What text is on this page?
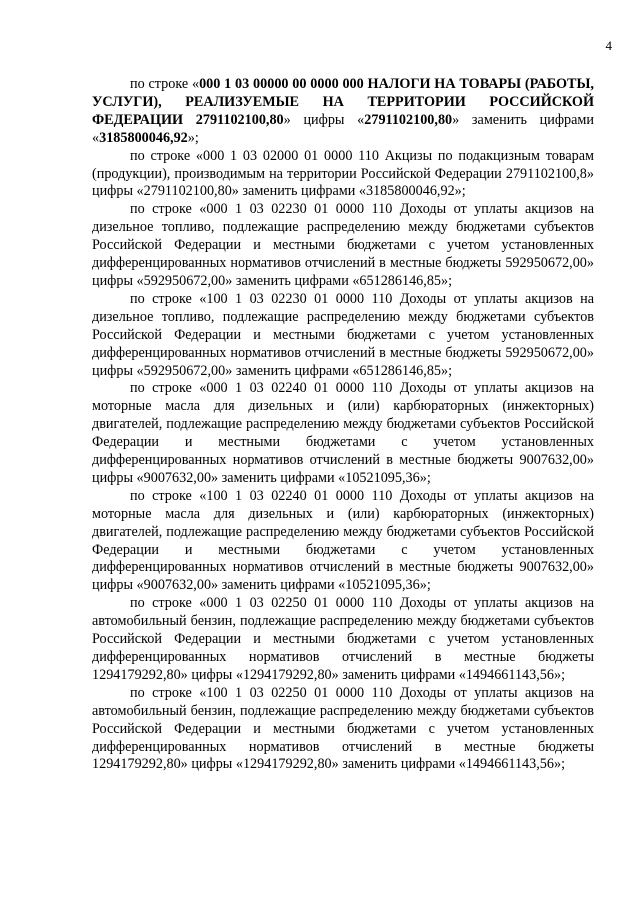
4

по строке «000 1 03 00000 00 0000 000 НАЛОГИ НА ТОВАРЫ (РАБОТЫ, УСЛУГИ), РЕАЛИЗУЕМЫЕ НА ТЕРРИТОРИИ РОССИЙСКОЙ ФЕДЕРАЦИИ 2791102100,80» цифры «2791102100,80» заменить цифрами «3185800046,92»;

по строке «000 1 03 02000 01 0000 110 Акцизы по подакцизным товарам (продукции), производимым на территории Российской Федерации 2791102100,8» цифры «2791102100,80» заменить цифрами «3185800046,92»;

по строке «000 1 03 02230 01 0000 110 Доходы от уплаты акцизов на дизельное топливо, подлежащие распределению между бюджетами субъектов Российской Федерации и местными бюджетами с учетом установленных дифференцированных нормативов отчислений в местные бюджеты 592950672,00» цифры «592950672,00» заменить цифрами «651286146,85»;

по строке «100 1 03 02230 01 0000 110 Доходы от уплаты акцизов на дизельное топливо, подлежащие распределению между бюджетами субъектов Российской Федерации и местными бюджетами с учетом установленных дифференцированных нормативов отчислений в местные бюджеты 592950672,00» цифры «592950672,00» заменить цифрами «651286146,85»;

по строке «000 1 03 02240 01 0000 110 Доходы от уплаты акцизов на моторные масла для дизельных и (или) карбюраторных (инжекторных) двигателей, подлежащие распределению между бюджетами субъектов Российской Федерации и местными бюджетами с учетом установленных дифференцированных нормативов отчислений в местные бюджеты 9007632,00» цифры «9007632,00» заменить цифрами «10521095,36»;

по строке «100 1 03 02240 01 0000 110 Доходы от уплаты акцизов на моторные масла для дизельных и (или) карбюраторных (инжекторных) двигателей, подлежащие распределению между бюджетами субъектов Российской Федерации и местными бюджетами с учетом установленных дифференцированных нормативов отчислений в местные бюджеты 9007632,00» цифры «9007632,00» заменить цифрами «10521095,36»;

по строке «000 1 03 02250 01 0000 110 Доходы от уплаты акцизов на автомобильный бензин, подлежащие распределению между бюджетами субъектов Российской Федерации и местными бюджетами с учетом установленных дифференцированных нормативов отчислений в местные бюджеты 1294179292,80» цифры «1294179292,80» заменить цифрами «1494661143,56»;

по строке «100 1 03 02250 01 0000 110 Доходы от уплаты акцизов на автомобильный бензин, подлежащие распределению между бюджетами субъектов Российской Федерации и местными бюджетами с учетом установленных дифференцированных нормативов отчислений в местные бюджеты 1294179292,80» цифры «1294179292,80» заменить цифрами «1494661143,56»;
